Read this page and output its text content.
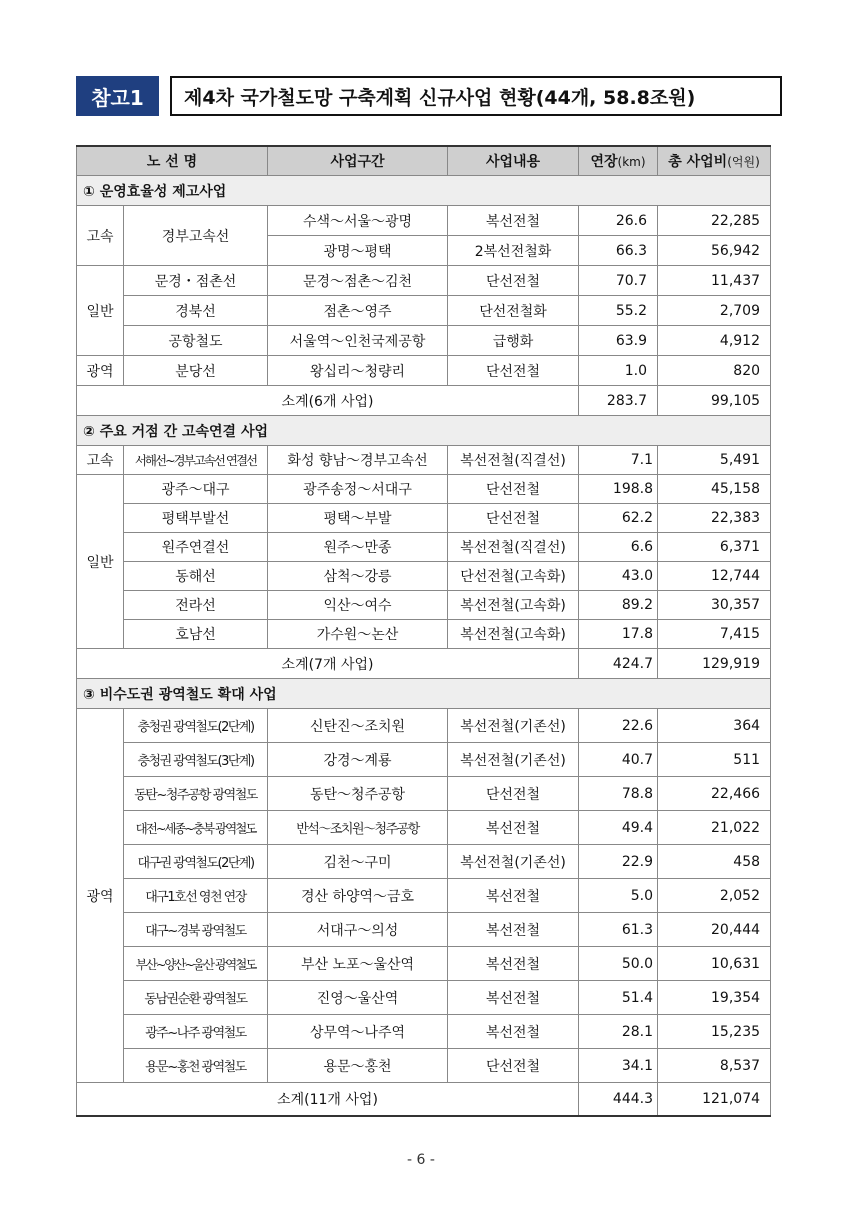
참고1	제4차 국가철도망 구축계획 신규사업 현황(44개, 58.8조원)
노 선 명		사업구간	사업내용	연장(km)	총 사업비(억원)
① 운영효율성 제고사업					
고속	경부고속선	수색～서울～광명	복선전철	26.6	22,285
		광명～평택	2복선전철화	66.3	56,942
일반	문경・점촌선	문경～점촌～김천	단선전철	70.7	11,437
	경북선	점촌～영주	단선전철화	55.2	2,709
	공항철도	서울역～인천국제공항	급행화	63.9	4,912
광역	분당선	왕십리～청량리	단선전철	1.0	820
소계(6개 사업)				283.7	99,105
② 주요 거점 간 고속연결 사업					
고속	서해선~경부고속선 연결선	화성 향남～경부고속선	복선전철(직결선)	7.1	5,491
일반	광주～대구	광주송정～서대구	단선전철	198.8	45,158
	평택부발선	평택～부발	단선전철	62.2	22,383
	원주연결선	원주～만종	복선전철(직결선)	6.6	6,371
	동해선	삼척～강릉	단선전철(고속화)	43.0	12,744
	전라선	익산～여수	복선전철(고속화)	89.2	30,357
	호남선	가수원～논산	복선전철(고속화)	17.8	7,415
소계(7개 사업)				424.7	129,919
③ 비수도권 광역철도 확대 사업					
광역	충청권 광역철도(2단계)	신탄진～조치원	복선전철(기존선)	22.6	364
	충청권 광역철도(3단계)	강경～계룡	복선전철(기존선)	40.7	511
	동탄~청주공항 광역철도	동탄～청주공항	단선전철	78.8	22,466
	대전~세종~충북 광역철도	반석～조치원～청주공항	복선전철	49.4	21,022
	대구권 광역철도(2단계)	김천～구미	복선전철(기존선)	22.9	458
	대구1호선 영천 연장	경산 하양역～금호	복선전철	5.0	2,052
	대구~경북 광역철도	서대구～의성	복선전철	61.3	20,444
	부산~양산~울산 광역철도	부산 노포～울산역	복선전철	50.0	10,631
	동남권순환 광역철도	진영～울산역	복선전철	51.4	19,354
	광주~나주 광역철도	상무역～나주역	복선전철	28.1	15,235
	용문~홍천 광역철도	용문～홍천	단선전철	34.1	8,537
소계(11개 사업)				444.3	121,074
- 6 -
